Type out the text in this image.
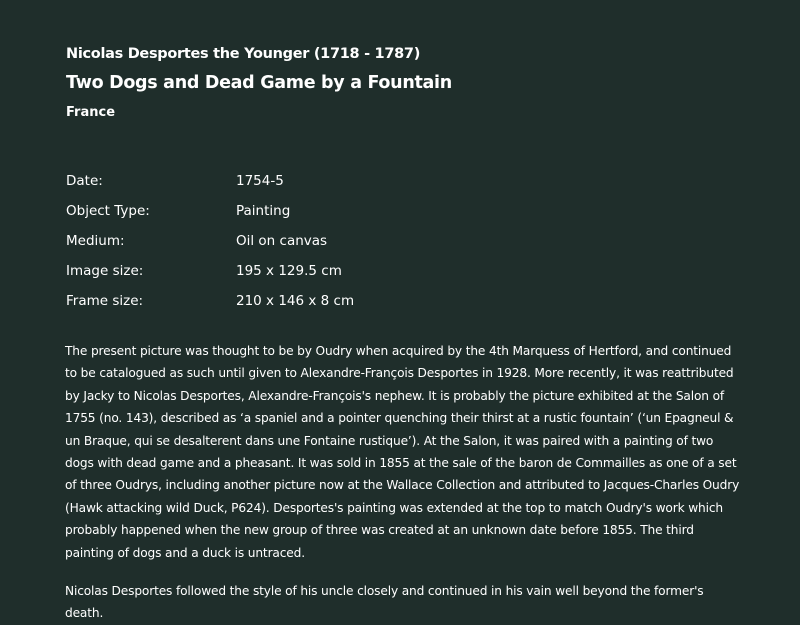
Nicolas Desportes the Younger (1718 - 1787)
Two Dogs and Dead Game by a Fountain
France
Date:	1754-5
Object Type:	Painting
Medium:	Oil on canvas
Image size:	195 x 129.5 cm
Frame size:	210 x 146 x 8 cm

The present picture was thought to be by Oudry when acquired by the 4th Marquess of Hertford, and continued to be catalogued as such until given to Alexandre-François Desportes in 1928. More recently, it was reattributed by Jacky to Nicolas Desportes, Alexandre-François's nephew. It is probably the picture exhibited at the Salon of 1755 (no. 143), described as ‘a spaniel and a pointer quenching their thirst at a rustic fountain’ (‘un Epagneul & un Braque, qui se desalterent dans une Fontaine rustique’). At the Salon, it was paired with a painting of two dogs with dead game and a pheasant. It was sold in 1855 at the sale of the baron de Commailles as one of a set of three Oudrys, including another picture now at the Wallace Collection and attributed to Jacques-Charles Oudry (Hawk attacking wild Duck, P624). Desportes's painting was extended at the top to match Oudry's work which probably happened when the new group of three was created at an unknown date before 1855. The third painting of dogs and a duck is untraced.

Nicolas Desportes followed the style of his uncle closely and continued in his vain well beyond the former's death.
